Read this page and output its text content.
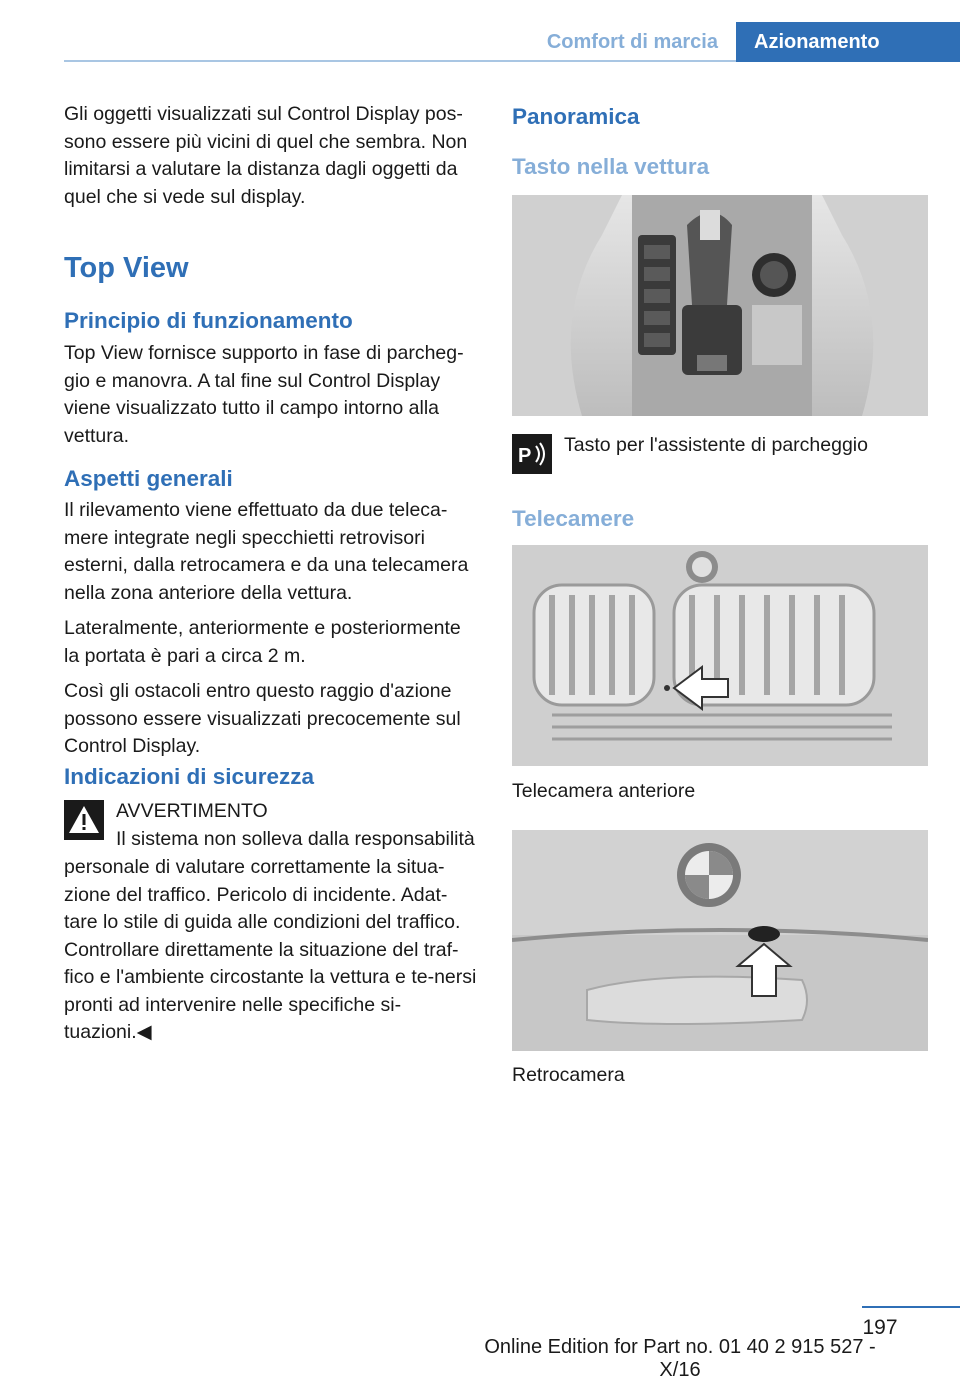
Comfort di marcia	Azionamento

Gli oggetti visualizzati sul Control Display pos-sono essere più vicini di quel che sembra. Non limitarsi a valutare la distanza dagli oggetti da quel che si vede sul display.

Top View
Principio di funzionamento

Top View fornisce supporto in fase di parcheg-gio e manovra. A tal fine sul Control Display viene visualizzato tutto il campo intorno alla vettura.

Aspetti generali

Il rilevamento viene effettuato da due teleca-mere integrate negli specchietti retrovisori esterni, dalla retrocamera e da una telecamera nella zona anteriore della vettura.

Lateralmente, anteriormente e posteriormente la portata è pari a circa 2 m.

Così gli ostacoli entro questo raggio d'azione possono essere visualizzati precocemente sul Control Display.

Indicazioni di sicurezza
AVVERTIMENTO
Il sistema non solleva dalla responsabilità

personale di valutare correttamente la situa-zione del traffico. Pericolo di incidente. Adat-tare lo stile di guida alle condizioni del traffico. Controllare direttamente la situazione del traf-fico e l'ambiente circostante la vettura e te-nersi pronti ad intervenire nelle specifiche si-tuazioni.◀

Panoramica
Tasto nella vettura
P Tasto per l'assistente di parcheggio
Telecamere
Telecamera anteriore
Retrocamera
197
Online Edition for Part no. 01 40 2 915 527 - X/16
